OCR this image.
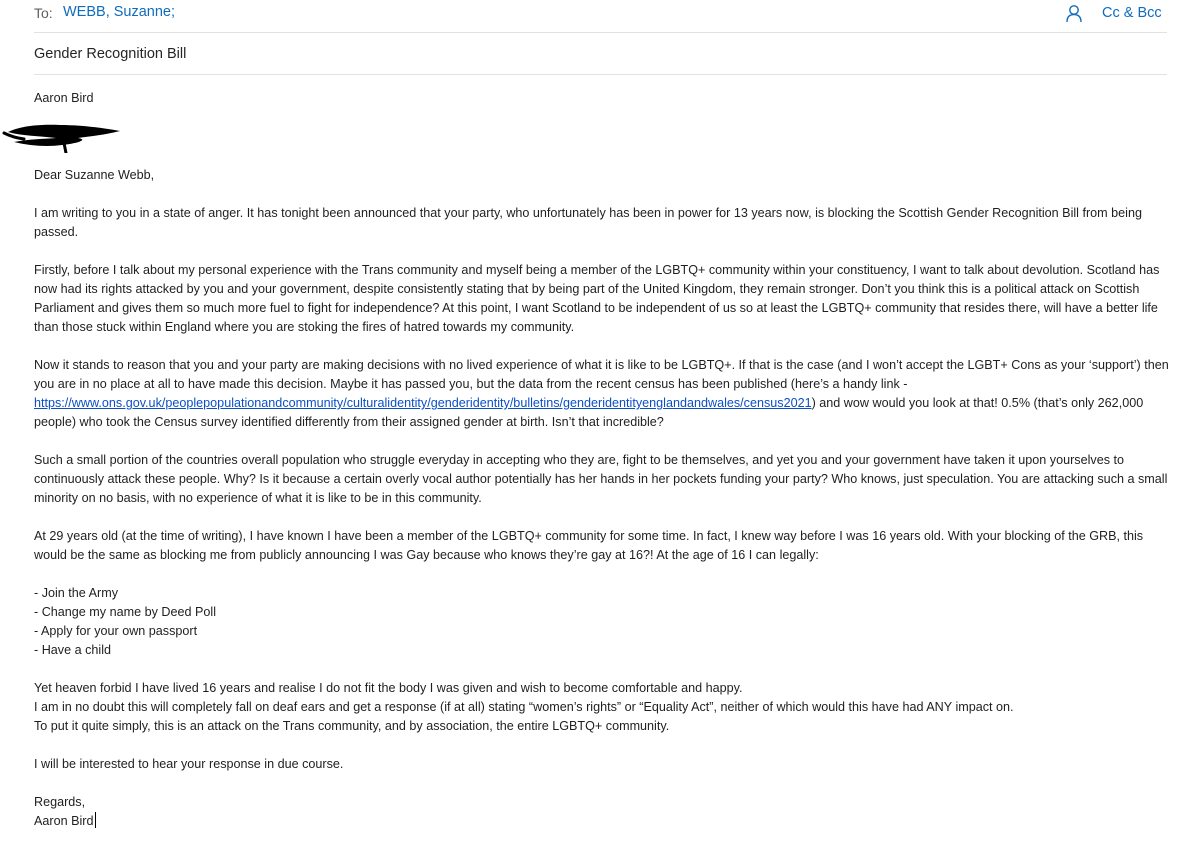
To: WEBB, Suzanne;	Cc & Bcc
Gender Recognition Bill

Aaron Bird

Dear Suzanne Webb,

I am writing to you in a state of anger. It has tonight been announced that your party, who unfortunately has been in power for 13 years now, is blocking the Scottish Gender Recognition Bill from being passed.

Firstly, before I talk about my personal experience with the Trans community and myself being a member of the LGBTQ+ community within your constituency, I want to talk about devolution. Scotland has now had its rights attacked by you and your government, despite consistently stating that by being part of the United Kingdom, they remain stronger. Don’t you think this is a political attack on Scottish Parliament and gives them so much more fuel to fight for independence? At this point, I want Scotland to be independent of us so at least the LGBTQ+ community that resides there, will have a better life than those stuck within England where you are stoking the fires of hatred towards my community.

Now it stands to reason that you and your party are making decisions with no lived experience of what it is like to be LGBTQ+. If that is the case (and I won’t accept the LGBT+ Cons as your ‘support’) then you are in no place at all to have made this decision. Maybe it has passed you, but the data from the recent census has been published (here’s a handy link - https://www.ons.gov.uk/peoplepopulationandcommunity/culturalidentity/genderidentity/bulletins/genderidentityenglandandwales/census2021) and wow would you look at that! 0.5% (that’s only 262,000 people) who took the Census survey identified differently from their assigned gender at birth. Isn’t that incredible?

Such a small portion of the countries overall population who struggle everyday in accepting who they are, fight to be themselves, and yet you and your government have taken it upon yourselves to continuously attack these people. Why? Is it because a certain overly vocal author potentially has her hands in her pockets funding your party? Who knows, just speculation. You are attacking such a small minority on no basis, with no experience of what it is like to be in this community.

At 29 years old (at the time of writing), I have known I have been a member of the LGBTQ+ community for some time. In fact, I knew way before I was 16 years old. With your blocking of the GRB, this would be the same as blocking me from publicly announcing I was Gay because who knows they’re gay at 16?! At the age of 16 I can legally:

- Join the Army

- Change my name by Deed Poll

- Apply for your own passport

- Have a child

Yet heaven forbid I have lived 16 years and realise I do not fit the body I was given and wish to become comfortable and happy.

I am in no doubt this will completely fall on deaf ears and get a response (if at all) stating “women’s rights” or “Equality Act”, neither of which would this have had ANY impact on.

To put it quite simply, this is an attack on the Trans community, and by association, the entire LGBTQ+ community.

I will be interested to hear your response in due course.

Regards,

Aaron Bird
